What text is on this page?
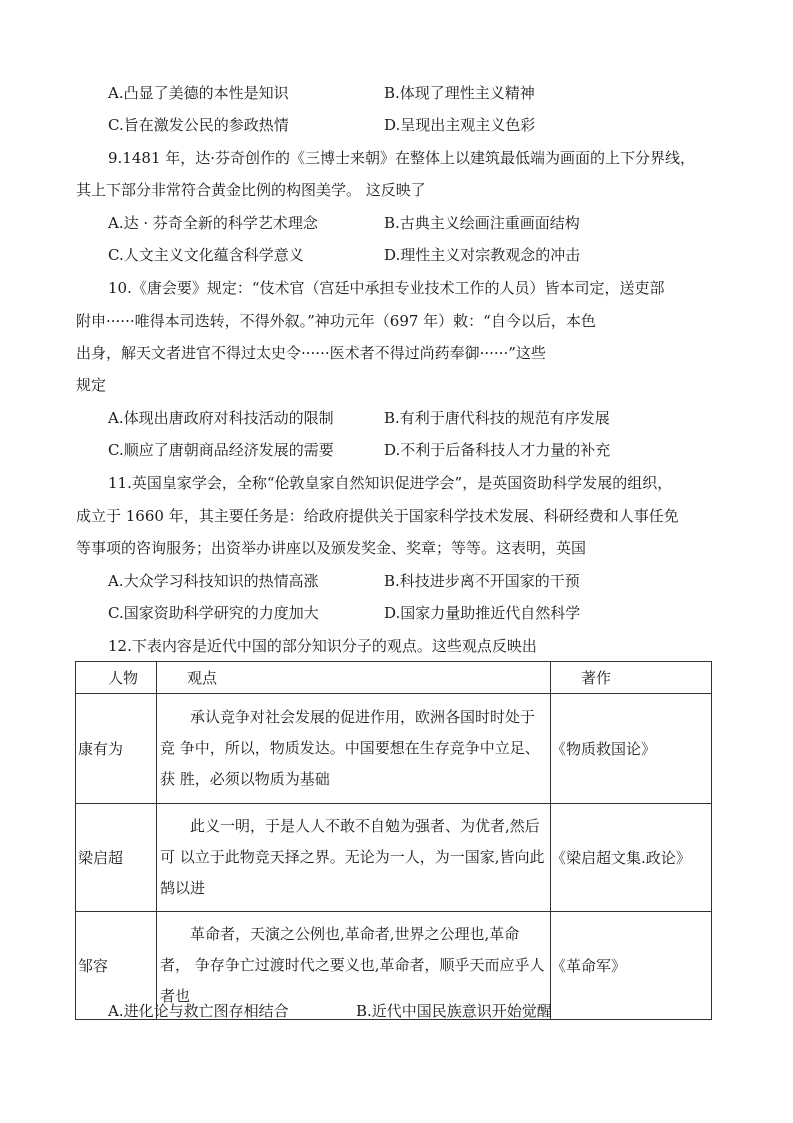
A.凸显了美德的本性是知识	B.体现了理性主义精神
C.旨在激发公民的参政热情	D.呈现出主观主义色彩
9.1481 年，达·芬奇创作的《三博士来朝》在整体上以建筑最低端为画面的上下分界线，
其上下部分非常符合黄金比例的构图美学。 这反映了
A.达 · 芬奇全新的科学艺术理念	B.古典主义绘画注重画面结构
C.人文主义文化蕴含科学意义	D.理性主义对宗教观念的冲击
10.《唐会要》规定：“伎术官（宫廷中承担专业技术工作的人员）皆本司定，送吏部
附申······唯得本司迭转，不得外叙。”神功元年（697 年）敕：“自今以后，本色
出身，解天文者进官不得过太史令······医术者不得过尚药奉御······”这些
规定
A.体现出唐政府对科技活动的限制	B.有利于唐代科技的规范有序发展
C.顺应了唐朝商品经济发展的需要	D.不利于后备科技人才力量的补充
11.英国皇家学会，全称“伦敦皇家自然知识促进学会”，是英国资助科学发展的组织，
成立于 1660 年，其主要任务是：给政府提供关于国家科学技术发展、科研经费和人事任免
等事项的咨询服务；出资举办讲座以及颁发奖金、奖章；等等。这表明，英国
A.大众学习科技知识的热情高涨	B.科技进步离不开国家的干预
C.国家资助科学研究的力度加大	D.国家力量助推近代自然科学
12.下表内容是近代中国的部分知识分子的观点。这些观点反映出
人物	观点	著作
康有为	承认竞争对社会发展的促进作用，欧洲各国时时处于竞 争中，所以，物质发达。中国要想在生存竞争中立足、获 胜，必须以物质为基础	《物质救国论》
梁启超	此义一明，于是人人不敢不自勉为强者、为优者,然后可 以立于此物竞天择之界。无论为一人，为一国家,皆向此 鹄以进	《梁启超文集.政论》
邹容	革命者，天演之公例也,革命者,世界之公理也,革命者， 争存争亡过渡时代之要义也,革命者，顺乎天而应乎人 者也	《革命军》
A.进化论与救亡图存相结合	B.近代中国民族意识开始觉醒
